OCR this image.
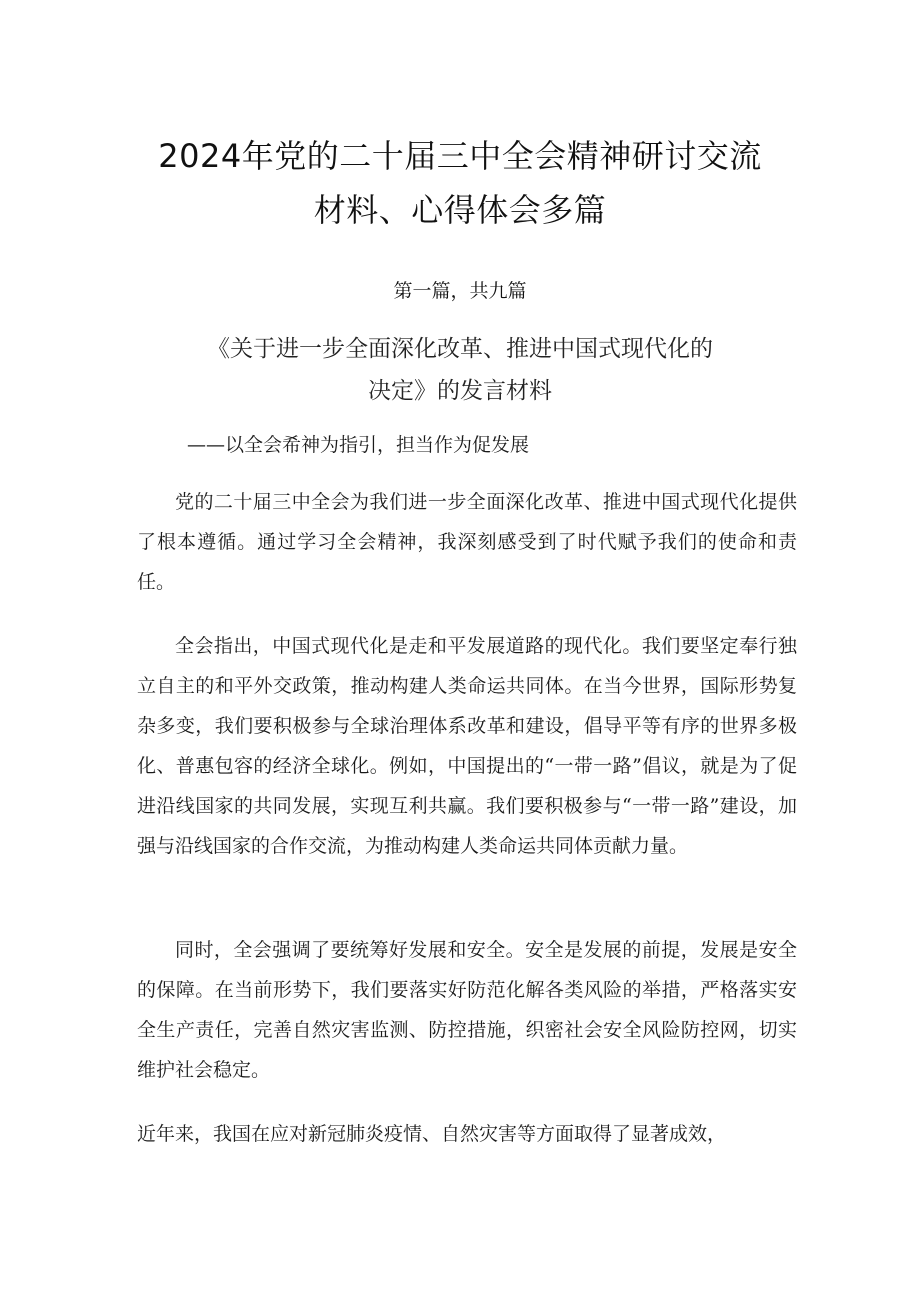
2024年党的二十届三中全会精神研讨交流
材料、心得体会多篇
第一篇，共九篇
《关于进一步全面深化改革、推进中国式现代化的
决定》的发言材料
——以全会希神为指引，担当作为促发展

党的二十届三中全会为我们进一步全面深化改革、推进中国式现代化提供了根本遵循。通过学习全会精神，我深刻感受到了时代赋予我们的使命和责任。

全会指出，中国式现代化是走和平发展道路的现代化。我们要坚定奉行独立自主的和平外交政策，推动构建人类命运共同体。在当今世界，国际形势复杂多变，我们要积极参与全球治理体系改革和建设，倡导平等有序的世界多极化、普惠包容的经济全球化。例如，中国提出的“一带一路”倡议，就是为了促进沿线国家的共同发展，实现互利共赢。我们要积极参与“一带一路”建设，加强与沿线国家的合作交流，为推动构建人类命运共同体贡献力量。

同时，全会强调了要统筹好发展和安全。安全是发展的前提，发展是安全的保障。在当前形势下，我们要落实好防范化解各类风险的举措，严格落实安全生产责任，完善自然灾害监测、防控措施，织密社会安全风险防控网，切实维护社会稳定。

近年来，我国在应对新冠肺炎疫情、自然灾害等方面取得了显著成效，
